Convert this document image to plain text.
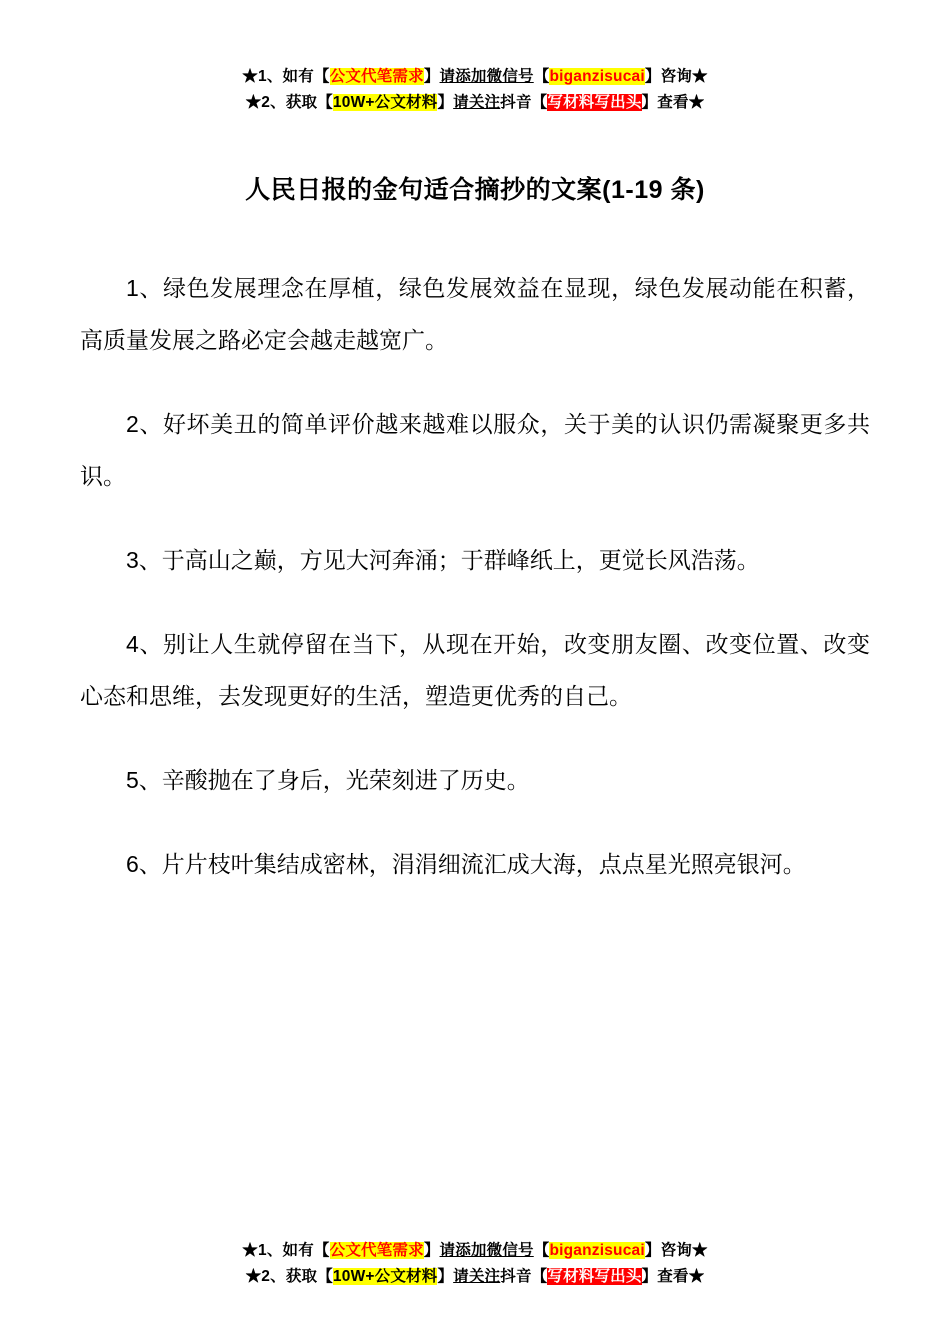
★1、如有【公文代笔需求】请添加微信号【biganzisucai】咨询★
★2、获取【10W+公文材料】请关注抖音【写材料写出头】查看★
人民日报的金句适合摘抄的文案(1-19 条)

1、绿色发展理念在厚植，绿色发展效益在显现，绿色发展动能在积蓄，高质量发展之路必定会越走越宽广。

2、好坏美丑的简单评价越来越难以服众，关于美的认识仍需凝聚更多共识。

3、于高山之巅，方见大河奔涌；于群峰纸上，更觉长风浩荡。

4、别让人生就停留在当下，从现在开始，改变朋友圈、改变位置、改变心态和思维，去发现更好的生活，塑造更优秀的自己。

5、辛酸抛在了身后，光荣刻进了历史。

6、片片枝叶集结成密林，涓涓细流汇成大海，点点星光照亮银河。

★1、如有【公文代笔需求】请添加微信号【biganzisucai】咨询★
★2、获取【10W+公文材料】请关注抖音【写材料写出头】查看★
